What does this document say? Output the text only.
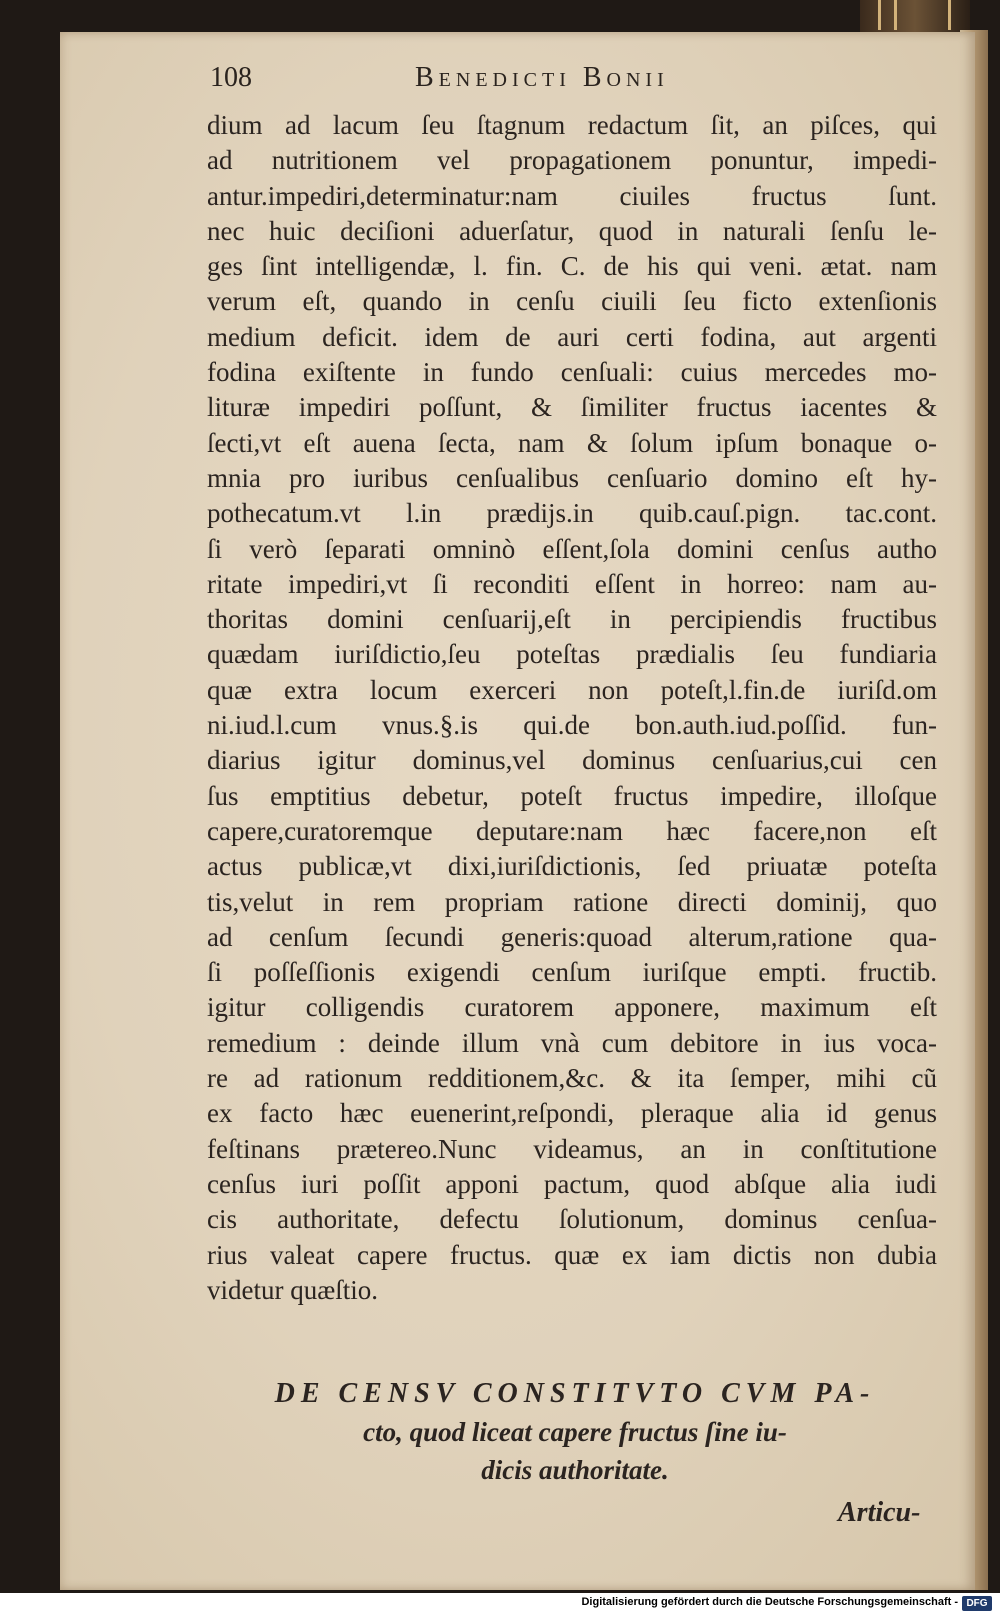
108	Benedicti Bonii
dium ad lacum ſeu ſtagnum redactum ſit, an piſces, qui
ad nutritionem vel propagationem ponuntur, impedi-
antur.impediri,determinatur:nam ciuiles fructus ſunt.
nec huic deciſioni aduerſatur, quod in naturali ſenſu le-
ges ſint intelligendæ, l. fin. C. de his qui veni. ætat. nam
verum eſt, quando in cenſu ciuili ſeu ficto extenſionis
medium deficit. idem de auri certi fodina, aut argenti
fodina exiſtente in fundo cenſuali: cuius mercedes mo-
lituræ impediri poſſunt, & ſimiliter fructus iacentes &
ſecti,vt eſt auena ſecta, nam & ſolum ipſum bonaque o-
mnia pro iuribus cenſualibus cenſuario domino eſt hy-
pothecatum.vt l.in prædijs.in quib.cauſ.pign. tac.cont.
ſi verò ſeparati omninò eſſent,ſola domini cenſus autho
ritate impediri,vt ſi reconditi eſſent in horreo: nam au-
thoritas domini cenſuarij,eſt in percipiendis fructibus
quædam iuriſdictio,ſeu poteſtas prædialis ſeu fundiaria
quæ extra locum exerceri non poteſt,l.fin.de iuriſd.om
ni.iud.l.cum vnus.§.is qui.de bon.auth.iud.poſſid. fun-
diarius igitur dominus,vel dominus cenſuarius,cui cen
ſus emptitius debetur, poteſt fructus impedire, illoſque
capere,curatoremque deputare:nam hæc facere,non eſt
actus publicæ,vt dixi,iuriſdictionis, ſed priuatæ poteſta
tis,velut in rem propriam ratione directi dominij, quo
ad cenſum ſecundi generis:quoad alterum,ratione qua-
ſi poſſeſſionis exigendi cenſum iuriſque empti. fructib.
igitur colligendis curatorem apponere, maximum eſt
remedium : deinde illum vnà cum debitore in ius voca-
re ad rationum redditionem,&c. & ita ſemper, mihi cũ
ex facto hæc euenerint,reſpondi, pleraque alia id genus
feſtinans prætereo.Nunc videamus, an in conſtitutione
cenſus iuri poſſit apponi pactum, quod abſque alia iudi
cis authoritate, defectu ſolutionum, dominus cenſua-
rius valeat capere fructus. quæ ex iam dictis non dubia
videtur quæſtio.
DE CENSV CONSTITVTO CVM PA-
cto, quod liceat capere fructus ſine iu-
dicis authoritate.
Articu-
Digitalisierung gefördert durch die Deutsche Forschungsgemeinschaft - DFG
